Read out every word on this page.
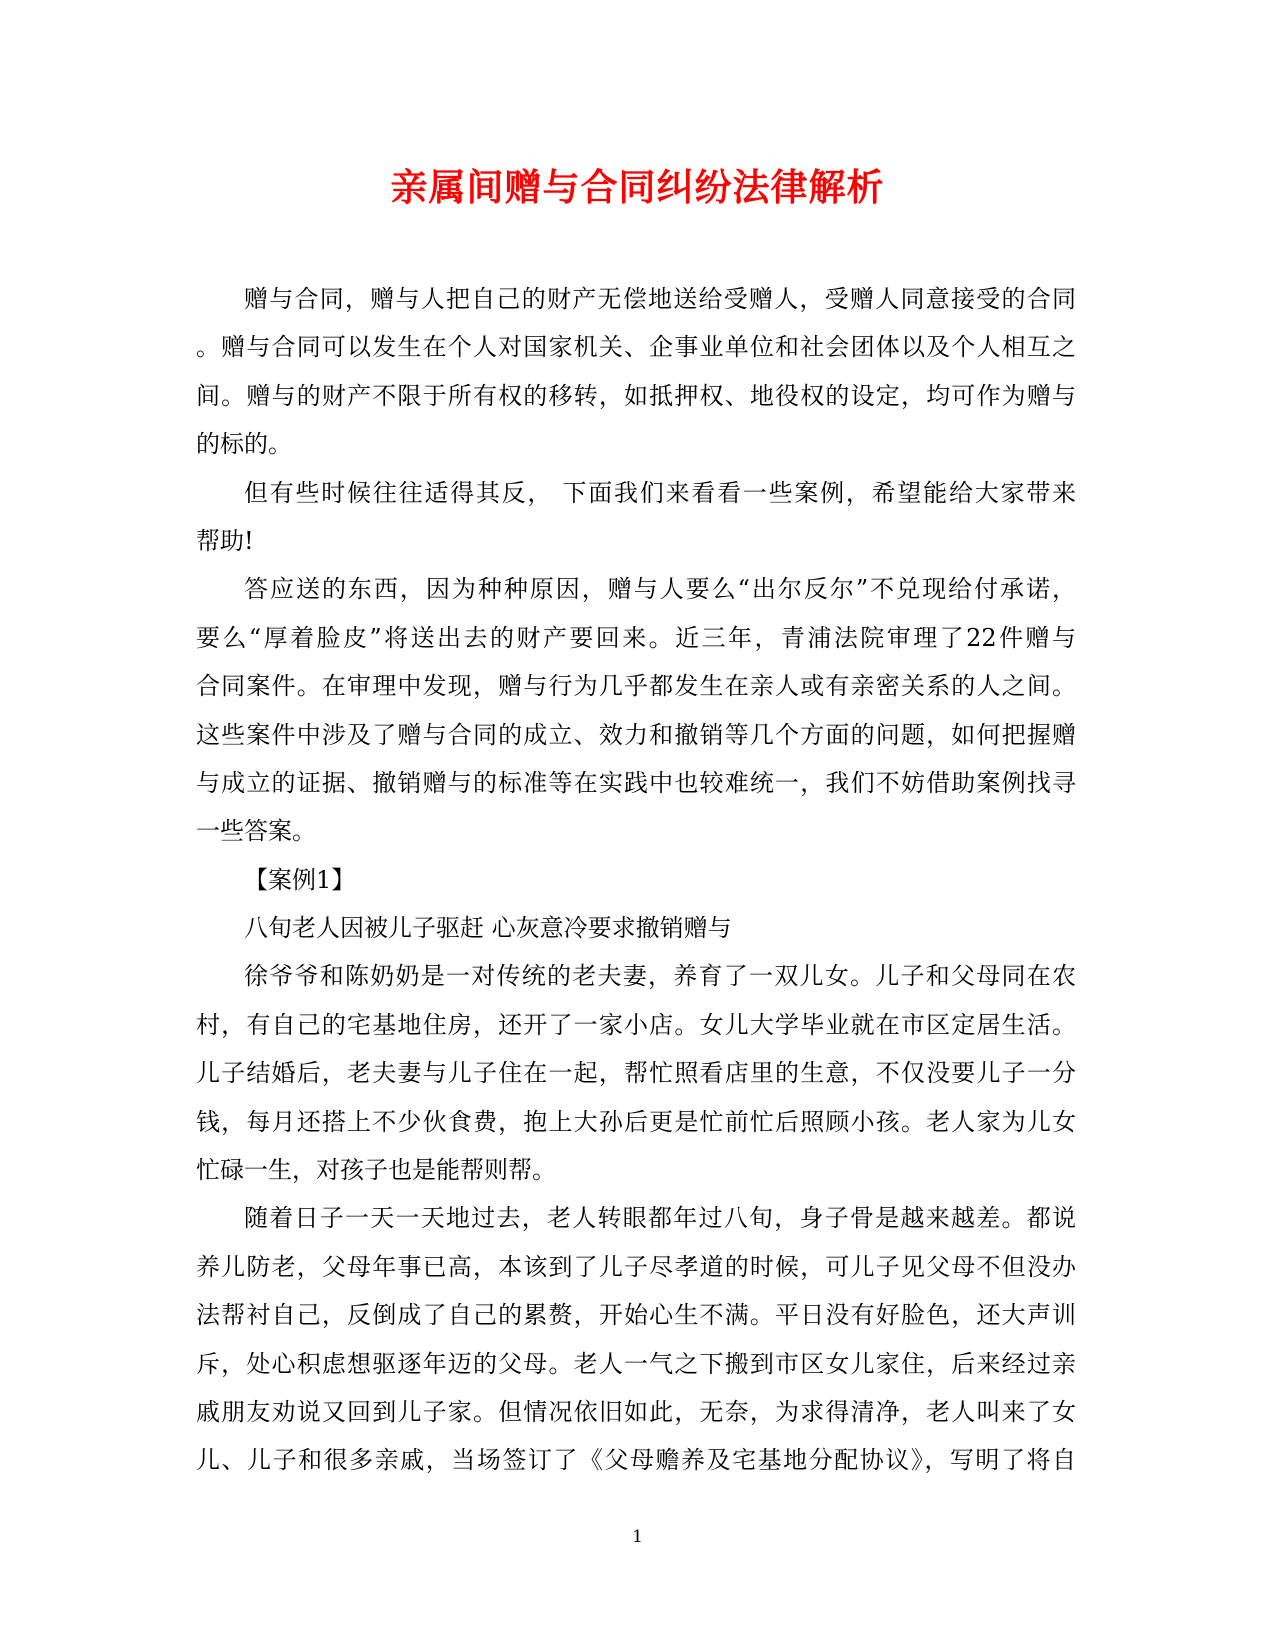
亲属间赠与合同纠纷法律解析
赠与合同，赠与人把自己的财产无偿地送给受赠人，受赠人同意接受的合同
。赠与合同可以发生在个人对国家机关、企事业单位和社会团体以及个人相互之
间。赠与的财产不限于所有权的移转，如抵押权、地役权的设定，均可作为赠与
的标的。
但有些时候往往适得其反， 下面我们来看看一些案例，希望能给大家带来
帮助!
答应送的东西，因为种种原因，赠与人要么“出尔反尔”不兑现给付承诺，
要么“厚着脸皮”将送出去的财产要回来。近三年，青浦法院审理了22件赠与
合同案件。在审理中发现，赠与行为几乎都发生在亲人或有亲密关系的人之间。
这些案件中涉及了赠与合同的成立、效力和撤销等几个方面的问题，如何把握赠
与成立的证据、撤销赠与的标准等在实践中也较难统一，我们不妨借助案例找寻
一些答案。
【案例1】
八旬老人因被儿子驱赶 心灰意冷要求撤销赠与
徐爷爷和陈奶奶是一对传统的老夫妻，养育了一双儿女。儿子和父母同在农
村，有自己的宅基地住房，还开了一家小店。女儿大学毕业就在市区定居生活。
儿子结婚后，老夫妻与儿子住在一起，帮忙照看店里的生意，不仅没要儿子一分
钱，每月还搭上不少伙食费，抱上大孙后更是忙前忙后照顾小孩。老人家为儿女
忙碌一生，对孩子也是能帮则帮。
随着日子一天一天地过去，老人转眼都年过八旬，身子骨是越来越差。都说
养儿防老，父母年事已高，本该到了儿子尽孝道的时候，可儿子见父母不但没办
法帮衬自己，反倒成了自己的累赘，开始心生不满。平日没有好脸色，还大声训
斥，处心积虑想驱逐年迈的父母。老人一气之下搬到市区女儿家住，后来经过亲
戚朋友劝说又回到儿子家。但情况依旧如此，无奈，为求得清净，老人叫来了女
儿、儿子和很多亲戚，当场签订了《父母赡养及宅基地分配协议》，写明了将自
1
